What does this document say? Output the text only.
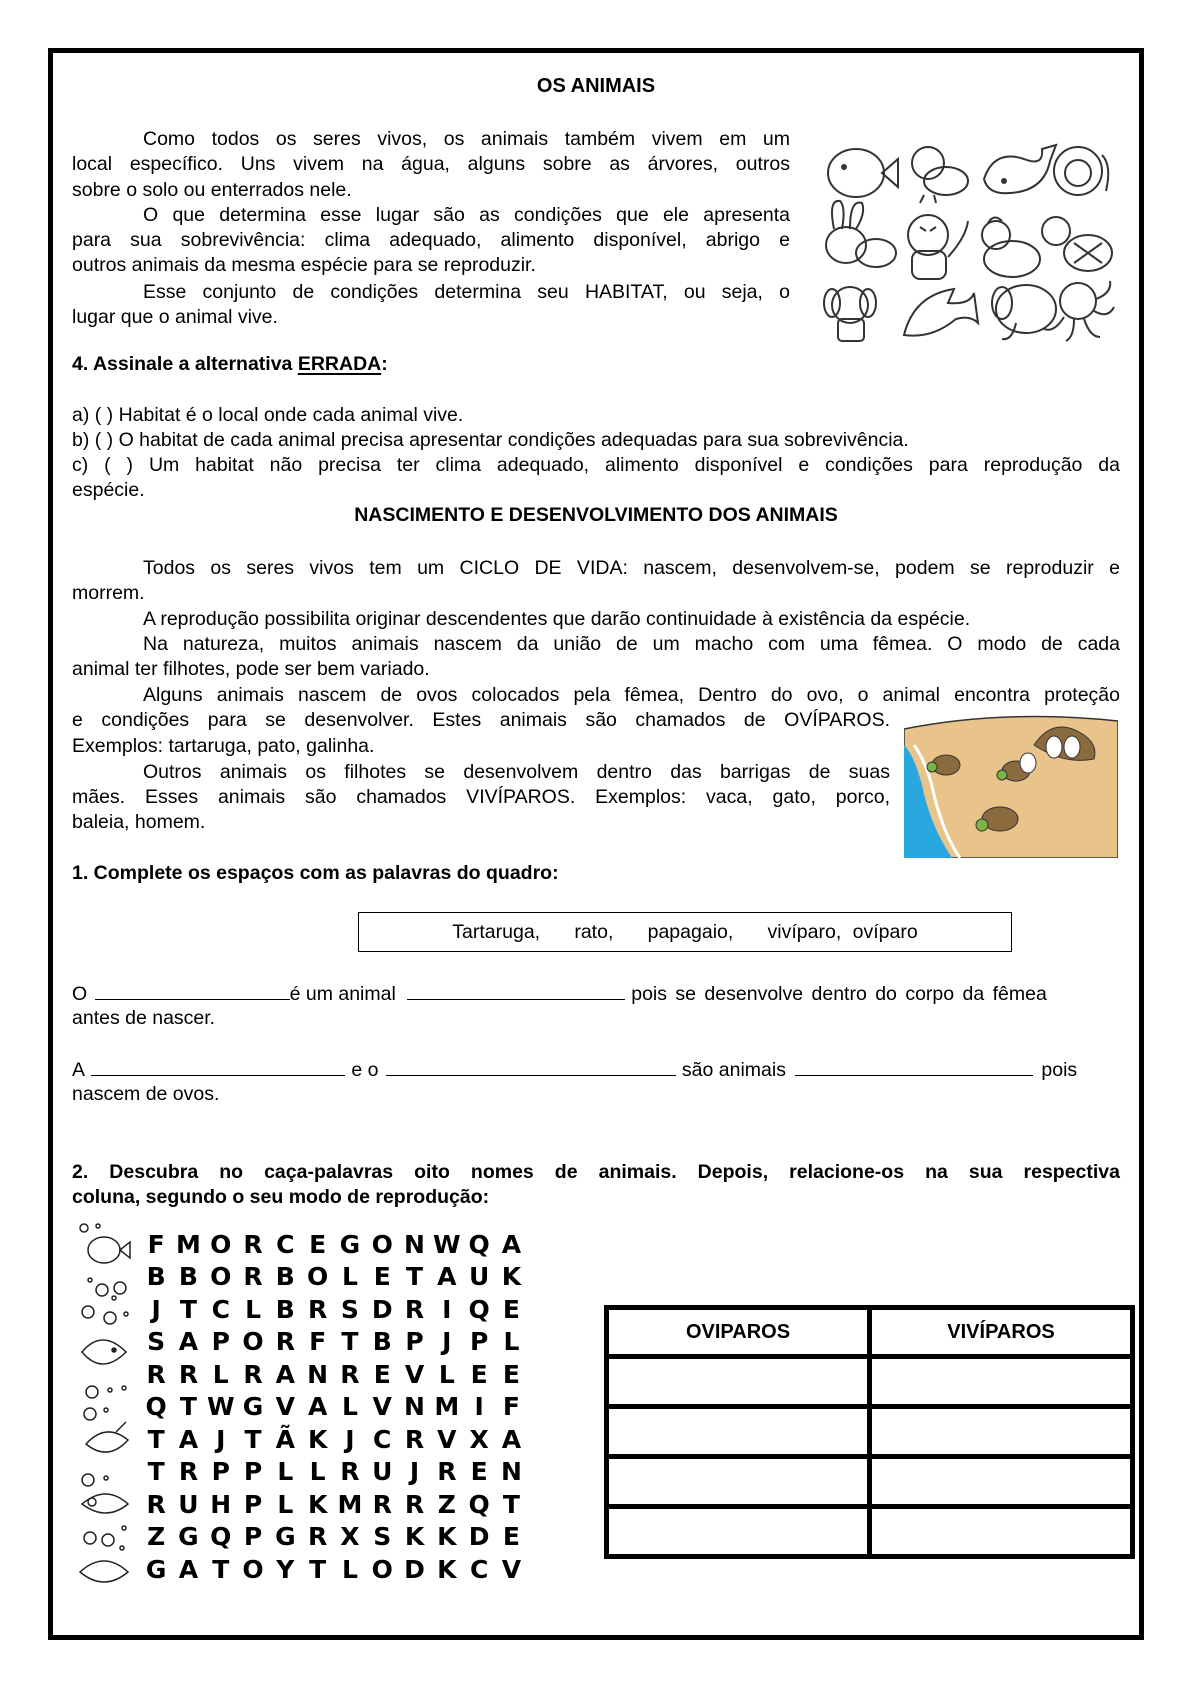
OS ANIMAIS
Como todos os seres vivos, os animais também vivem em um
local específico. Uns vivem na água, alguns sobre as árvores, outros
sobre o solo ou enterrados nele.
O que determina esse lugar são as condições que ele apresenta
para sua sobrevivência: clima adequado, alimento disponível, abrigo e
outros animais da mesma espécie para se reproduzir.
Esse conjunto de condições determina seu HABITAT, ou seja, o
lugar que o animal vive.
4. Assinale a alternativa ERRADA:
a) ( ) Habitat é o local onde cada animal vive.
b) ( ) O habitat de cada animal precisa apresentar condições adequadas para sua sobrevivência.
c) ( ) Um habitat não precisa ter clima adequado, alimento disponível e condições para reprodução da
espécie.
NASCIMENTO E DESENVOLVIMENTO DOS ANIMAIS
Todos os seres vivos tem um CICLO DE VIDA: nascem, desenvolvem-se, podem se reproduzir e
morrem.
A reprodução possibilita originar descendentes que darão continuidade à existência da espécie.
Na natureza, muitos animais nascem da união de um macho com uma fêmea. O modo de cada
animal ter filhotes, pode ser bem variado.
Alguns animais nascem de ovos colocados pela fêmea, Dentro do ovo, o animal encontra proteção
e condições para se desenvolver. Estes animais são chamados de OVÍPAROS.
Exemplos: tartaruga, pato, galinha.
Outros animais os filhotes se desenvolvem dentro das barrigas de suas
mães. Esses animais são chamados VIVÍPAROS. Exemplos: vaca, gato, porco,
baleia, homem.
1. Complete os espaços com as palavras do quadro:
Tartaruga,   rato,   papagaio,   vivíparo, ovíparo
O	é um animal	pois se desenvolve dentro do corpo da fêmea
antes de nascer.
A	e o	são animais	pois
nascem de ovos.
2. Descubra no caça-palavras oito nomes de animais. Depois, relacione-os na sua respectiva
coluna, segundo o seu modo de reprodução:
F M O R C E G O N W Q A
B B O R B O L E T A U K
J T C L B R S D R I Q E
S A P O R F T B P J P L
R R L R A N R E V L E E
Q T W G V A L V N M I F
T A J T Ã K J C R V X A
T R P P L L R U J R E N
R U H P L K M R R Z Q T
Z G Q P G R X S K K D E
G A T O Y T L O D K C V
OVIPAROS	VIVÍPAROS
